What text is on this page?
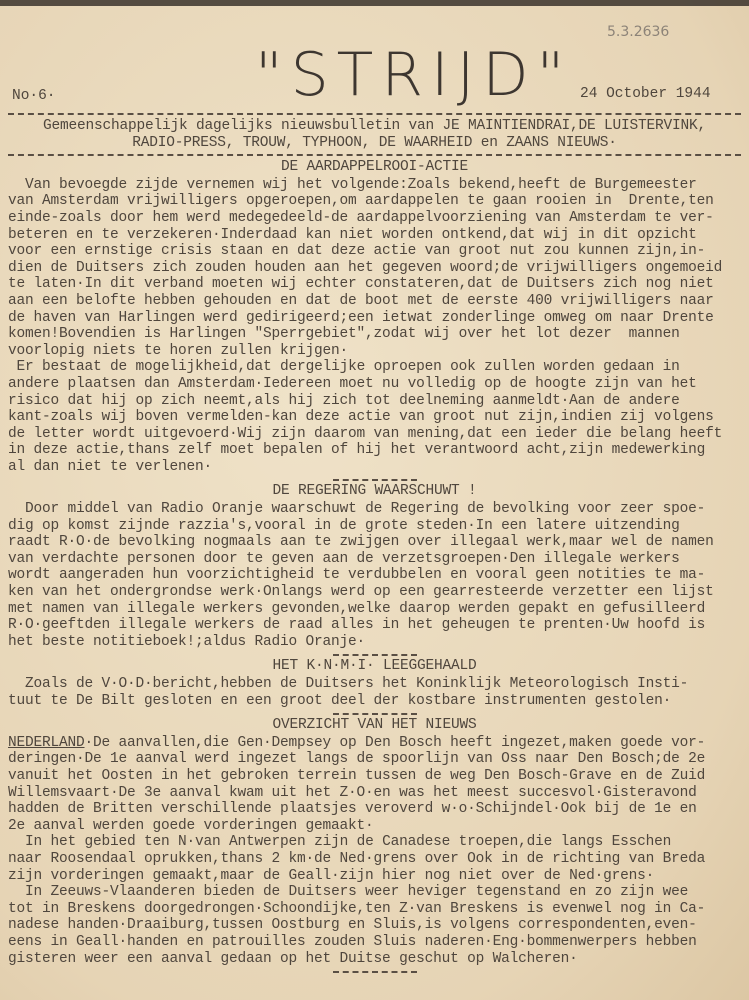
5.3.2636
"STRIJD"
No·6·	24 October 1944
Gemeenschappelijk dagelijks nieuwsbulletin van JE MAINTIENDRAI,DE LUISTERVINK,
RADIO-PRESS, TROUW, TYPHOON, DE WAARHEID en ZAANS NIEUWS·
DE AARDAPPELROOI-ACTIE
Van bevoegde zijde vernemen wij het volgende:Zoals bekend,heeft de Burgemeester
van Amsterdam vrijwilligers opgeroepen,om aardappelen te gaan rooien in  Drente,ten
einde-zoals door hem werd medegedeeld-de aardappelvoorziening van Amsterdam te ver-
beteren en te verzekeren·Inderdaad kan niet worden ontkend,dat wij in dit opzicht
voor een ernstige crisis staan en dat deze actie van groot nut zou kunnen zijn,in-
dien de Duitsers zich zouden houden aan het gegeven woord;de vrijwilligers ongemoeid
te laten·In dit verband moeten wij echter constateren,dat de Duitsers zich nog niet
aan een belofte hebben gehouden en dat de boot met de eerste 400 vrijwilligers naar
de haven van Harlingen werd gedirigeerd;een ietwat zonderlinge omweg om naar Drente
komen!Bovendien is Harlingen "Sperrgebiet",zodat wij over het lot dezer  mannen
voorlopig niets te horen zullen krijgen·
Er bestaat de mogelijkheid,dat dergelijke oproepen ook zullen worden gedaan in
andere plaatsen dan Amsterdam·Iedereen moet nu volledig op de hoogte zijn van het
risico dat hij op zich neemt,als hij zich tot deelneming aanmeldt·Aan de andere
kant-zoals wij boven vermelden-kan deze actie van groot nut zijn,indien zij volgens
de letter wordt uitgevoerd·Wij zijn daarom van mening,dat een ieder die belang heeft
in deze actie,thans zelf moet bepalen of hij het verantwoord acht,zijn medewerking
al dan niet te verlenen·
DE REGERING WAARSCHUWT !
Door middel van Radio Oranje waarschuwt de Regering de bevolking voor zeer spoe-
dig op komst zijnde razzia's,vooral in de grote steden·In een latere uitzending
raadt R·O·de bevolking nogmaals aan te zwijgen over illegaal werk,maar wel de namen
van verdachte personen door te geven aan de verzetsgroepen·Den illegale werkers
wordt aangeraden hun voorzichtigheid te verdubbelen en vooral geen notities te ma-
ken van het ondergrondse werk·Onlangs werd op een gearresteerde verzetter een lijst
met namen van illegale werkers gevonden,welke daarop werden gepakt en gefusilleerd
R·O·geeftden illegale werkers de raad alles in het geheugen te prenten·Uw hoofd is
het beste notitieboek!;aldus Radio Oranje·
HET K·N·M·I· LEEGGEHAALD
Zoals de V·O·D·bericht,hebben de Duitsers het Koninklijk Meteorologisch Insti-
tuut te De Bilt gesloten en een groot deel der kostbare instrumenten gestolen·
OVERZICHT VAN HET NIEUWS
NEDERLAND·De aanvallen,die Gen·Dempsey op Den Bosch heeft ingezet,maken goede vor-
deringen·De 1e aanval werd ingezet langs de spoorlijn van Oss naar Den Bosch;de 2e
vanuit het Oosten in het gebroken terrein tussen de weg Den Bosch-Grave en de Zuid
Willemsvaart·De 3e aanval kwam uit het Z·O·en was het meest succesvol·Gisteravond
hadden de Britten verschillende plaatsjes veroverd w·o·Schijndel·Ook bij de 1e en
2e aanval werden goede vorderingen gemaakt·
In het gebied ten N·van Antwerpen zijn de Canadese troepen,die langs Esschen
naar Roosendaal oprukken,thans 2 km·de Ned·grens over Ook in de richting van Breda
zijn vorderingen gemaakt,maar de Geall·zijn hier nog niet over de Ned·grens·
In Zeeuws-Vlaanderen bieden de Duitsers weer heviger tegenstand en zo zijn wee
tot in Breskens doorgedrongen·Schoondijke,ten Z·van Breskens is evenwel nog in Ca-
nadese handen·Draaiburg,tussen Oostburg en Sluis,is volgens correspondenten,even-
eens in Geall·handen en patrouilles zouden Sluis naderen·Eng·bommenwerpers hebben
gisteren weer een aanval gedaan op het Duitse geschut op Walcheren·
